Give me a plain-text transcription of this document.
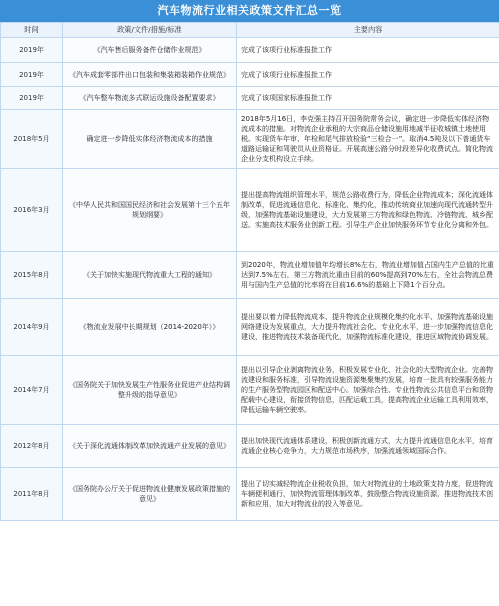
汽车物流行业相关政策文件汇总一览
时间	政策/文件/措施/标准	主要内容
2019年	《汽车售后服务备件仓储作业规范》	完成了该项行业标准报批工作
2019年	《汽车成套零部件出口包装和集装箱装箱作业规范》	完成了该项行业标准报批工作
2019年	《汽车整车物流多式联运设施设备配置要求》	完成了该项国家标准报批工作
2018年5月	确定进一步降低实体经济物流成本的措施	2018年5月16日，李克强主持召开国务院常务会议，确定进一步降低实体经济物流成本的措施。对物流企业承租的大宗商品仓储设施用地减半征收城镇土地使用税。实现货车年审、年检和尾气排放检验“三检合一”。取消4.5吨及以下普通货车道路运输证和驾驶员从业资格证。开展高速公路分时段差异化收费试点。简化物流企业分支机构设立手续。
2016年3月	《中华人民共和国国民经济和社会发展第十三个五年规划纲要》	提出提高物流组织管理水平，规范公路收费行为，降低企业物流成本；深化流通体制改革，促进流通信息化、标准化、集约化，推动传统商业加速向现代流通转型升级，加强物流基础设施建设，大力发展第三方物流和绿色物流、冷链物流、城乡配送。实施高技术服务业创新工程。引导生产企业加快服务环节专业化分离和外包。
2015年8月	《关于加快实施现代物流重大工程的通知》	到2020年，物流业增加值年均增长8%左右，物流业增加值占国内生产总值的比重达到7.5%左右，第三方物流比重由目前的60%提高到70%左右，全社会物流总费用与国内生产总值的比率将在目前16.6%的基础上下降1个百分点。
2014年9月	《物流业发展中长期规划（2014-2020年）》	提出要以着力降低物流成本、提升物流企业规模化集约化水平、加强物流基础设施网络建设为发展重点，大力提升物流社会化、专业化水平，进一步加强物流信息化建设，推进物流技术装备现代化，加强物流标准化建设，推进区域物流协调发展。
2014年7月	《国务院关于加快发展生产性服务业促进产业结构调整升级的指导意见》	提出以引导企业剥离物流业务，积极发展专业化、社会化的大型物流企业。完善物流建设和服务标准，引导物流设施资源集聚集约发展，培育一批具有较强服务能力的生产服务型物流园区和配送中心。加强综合性、专业性物流公共信息平台和货物配载中心建设，衔接货物信息，匹配运载工具，提高物流企业运输工具利用效率，降低运输车辆空驶率。
2012年8月	《关于深化流通体制改革加快流通产业发展的意见》	提出加快现代流通体系建设，积极创新流通方式，大力提升流通信息化水平，培育流通企业核心竞争力，大力规范市场秩序，加强流通领域国际合作。
2011年8月	《国务院办公厅关于促进物流业健康发展政策措施的意见》	提出了切实减轻物流企业税收负担，加大对物流业的土地政策支持力度，促进物流车辆便利通行，加快物流管理体制改革，鼓励整合物流设施资源，推进物流技术创新和应用，加大对物流业的投入等意见。
